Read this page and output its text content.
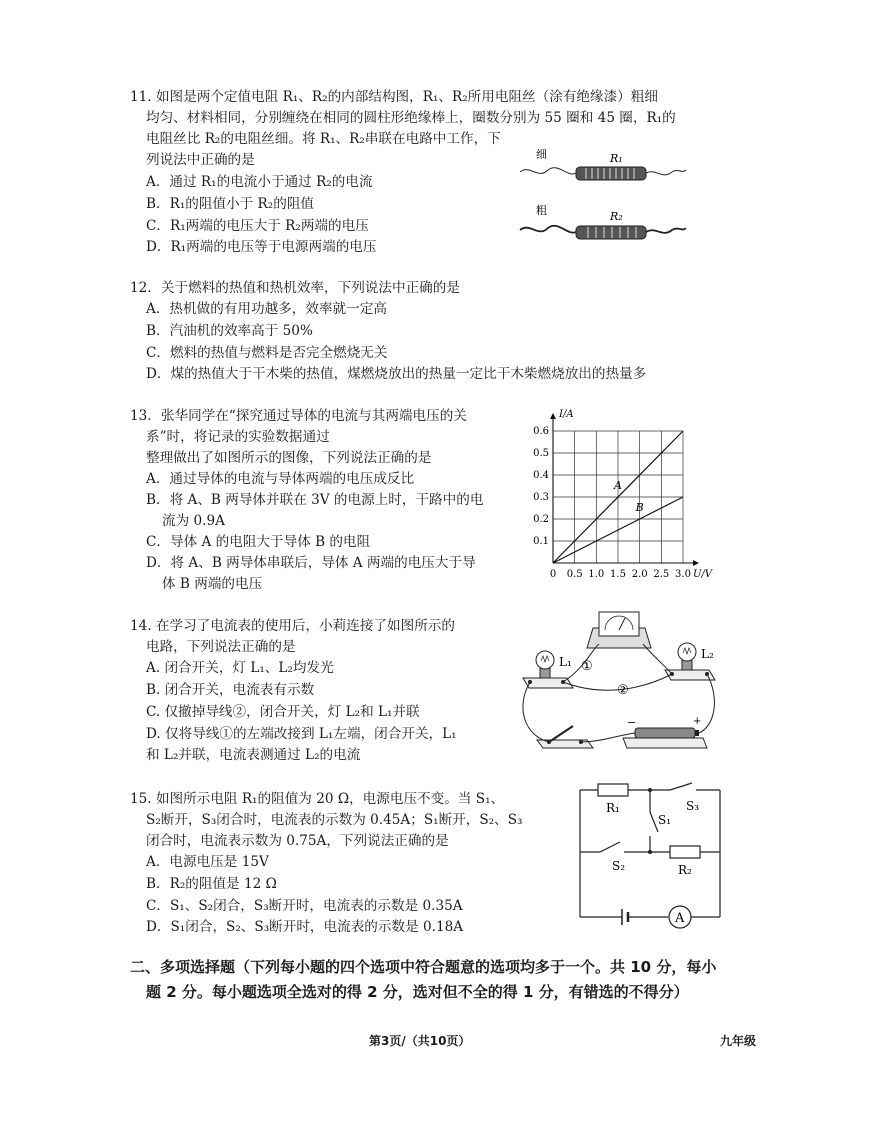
11. 如图是两个定值电阻 R₁、R₂的内部结构图，R₁、R₂所用电阻丝（涂有绝缘漆）粗细
均匀、材料相同，分别缠绕在相同的圆柱形绝缘棒上，圈数分别为 55 圈和 45 圈，R₁的
电阻丝比 R₂的电阻丝细。将 R₁、R₂串联在电路中工作，下
列说法中正确的是
A．通过 R₁的电流小于通过 R₂的电流
B．R₁的阻值小于 R₂的阻值
C．R₁两端的电压大于 R₂两端的电压
D．R₁两端的电压等于电源两端的电压
细	R₁
粗	R₂
12．关于燃料的热值和热机效率，下列说法中正确的是
A．热机做的有用功越多，效率就一定高
B．汽油机的效率高于 50%
C．燃料的热值与燃料是否完全燃烧无关
D．煤的热值大于干木柴的热值，煤燃烧放出的热量一定比干木柴燃烧放出的热量多
13．张华同学在“探究通过导体的电流与其两端电压的关
系”时，将记录的实验数据通过
整理做出了如图所示的图像，下列说法正确的是
A．通过导体的电流与导体两端的电压成反比
B．将 A、B 两导体并联在 3V 的电源上时，干路中的电
流为 0.9A
C．导体 A 的电阻大于导体 B 的电阻
D．将 A、B 两导体串联后，导体 A 两端的电压大于导
体 B 两端的电压
0 0.5 1.0 1.5 2.0 2.5 3.0
0.1
0.2
0.3
0.4
0.5
0.6
U/V
I/A
A
B
14. 在学习了电流表的使用后，小莉连接了如图所示的
电路，下列说法正确的是
A. 闭合开关，灯 L₁、L₂均发光
B. 闭合开关，电流表有示数
C. 仅撤掉导线②，闭合开关，灯 L₂和 L₁并联
D. 仅将导线①的左端改接到 L₁左端，闭合开关，L₁
和 L₂并联，电流表测通过 L₂的电流
L₁
L₂
①
②
−	+
15. 如图所示电阻 R₁的阻值为 20 Ω，电源电压不变。当 S₁、
S₂断开，S₃闭合时，电流表的示数为 0.45A；S₁断开，S₂、S₃
闭合时，电流表示数为 0.75A，下列说法正确的是
A．电源电压是 15V
B．R₂的阻值是 12 Ω
C．S₁、S₂闭合，S₃断开时，电流表的示数是 0.35A
D．S₁闭合，S₂、S₃断开时，电流表的示数是 0.18A
R₁	S₃
S₁
S₂	R₂
A
二、多项选择题（下列每小题的四个选项中符合题意的选项均多于一个。共 10 分，每小
题 2 分。每小题选项全选对的得 2 分，选对但不全的得 1 分，有错选的不得分）
第3页/（共10页）	九年级
